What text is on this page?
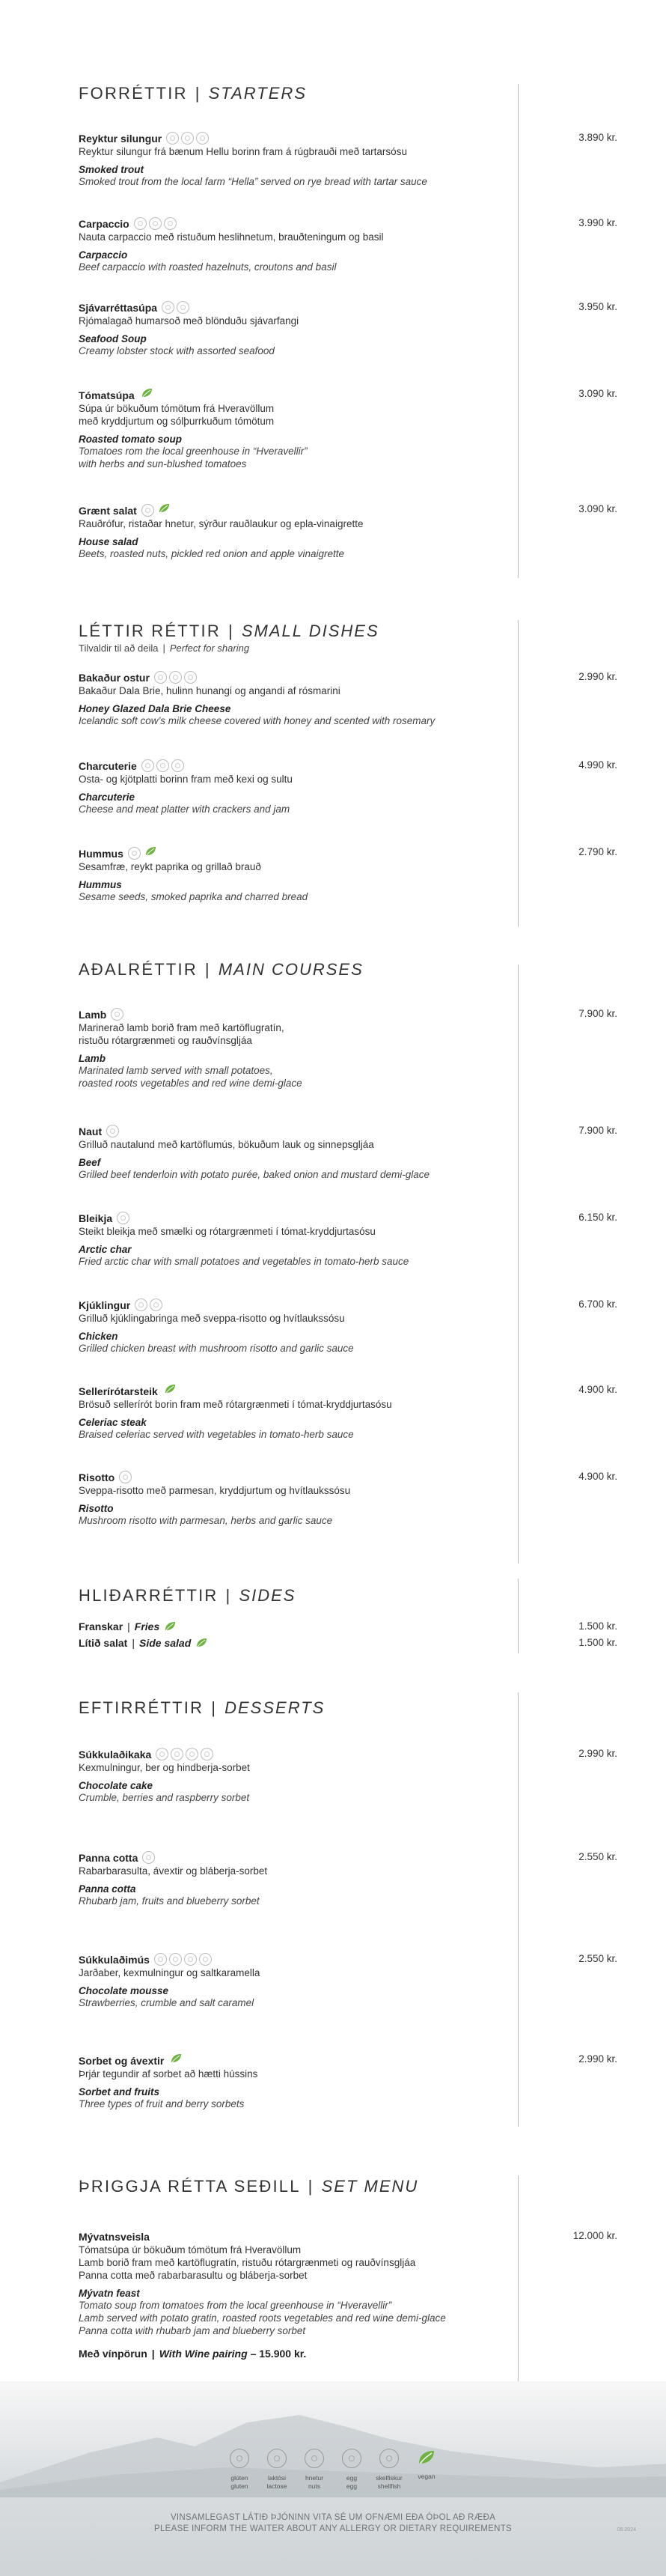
FORRÉTTIR | STARTERS
LÉTTIR RÉTTIR | SMALL DISHES
Tilvaldir til að deila | Perfect for sharing
AÐALRÉTTIR | MAIN COURSES
HLIÐARRÉTTIR | SIDES
EFTIRRÉTTIR | DESSERTS
ÞRIGGJA RÉTTA SEÐILL | SET MENU
Reyktur silungur
Reyktur silungur frá bænum Hellu borinn fram á rúgbrauði með tartarsósu
Smoked trout
Smoked trout from the local farm “Hella” served on rye bread with tartar sauce
3.890 kr.
Carpaccio
Nauta carpaccio með ristuðum heslihnetum, brauðteningum og basil
Carpaccio
Beef carpaccio with roasted hazelnuts, croutons and basil
3.990 kr.
Sjávarréttasúpa
Rjómalagað humarsoð með blönduðu sjávarfangi
Seafood Soup
Creamy lobster stock with assorted seafood
3.950 kr.
Tómatsúpa
Súpa úr bökuðum tómötum frá Hveravöllum
með kryddjurtum og sólþurrkuðum tómötum
Roasted tomato soup
Tomatoes rom the local greenhouse in “Hveravellir”
with herbs and sun-blushed tomatoes
3.090 kr.
Grænt salat
Rauðrófur, ristaðar hnetur, sýrður rauðlaukur og epla-vinaigrette
House salad
Beets, roasted nuts, pickled red onion and apple vinaigrette
3.090 kr.
Bakaður ostur
Bakaður Dala Brie, hulinn hunangi og angandi af rósmarini
Honey Glazed Dala Brie Cheese
Icelandic soft cow’s milk cheese covered with honey and scented with rosemary
2.990 kr.
Charcuterie
Osta- og kjötplatti borinn fram með kexi og sultu
Charcuterie
Cheese and meat platter with crackers and jam
4.990 kr.
Hummus
Sesamfræ, reykt paprika og grillað brauð
Hummus
Sesame seeds, smoked paprika and charred bread
2.790 kr.
Lamb
Marinerað lamb borið fram með kartöflugratín,
ristuðu rótargrænmeti og rauðvínsgljáa
Lamb
Marinated lamb served with small potatoes,
roasted roots vegetables and red wine demi-glace
7.900 kr.
Naut
Grilluð nautalund með kartöflumús, bökuðum lauk og sinnepsgljáa
Beef
Grilled beef tenderloin with potato purée, baked onion and mustard demi-glace
7.900 kr.
Bleikja
Steikt bleikja með smælki og rótargrænmeti í tómat-kryddjurtasósu
Arctic char
Fried arctic char with small potatoes and vegetables in tomato-herb sauce
6.150 kr.
Kjúklingur
Grilluð kjúklingabringa með sveppa-risotto og hvítlaukssósu
Chicken
Grilled chicken breast with mushroom risotto and garlic sauce
6.700 kr.
Sellerírótarsteik
Brösuð sellerírót borin fram með rótargrænmeti í tómat-kryddjurtasósu
Celeriac steak
Braised celeriac served with vegetables in tomato-herb sauce
4.900 kr.
Risotto
Sveppa-risotto með parmesan, kryddjurtum og hvítlaukssósu
Risotto
Mushroom risotto with parmesan, herbs and garlic sauce
4.900 kr.
Súkkulaðikaka
Kexmulningur, ber og hindberja-sorbet
Chocolate cake
Crumble, berries and raspberry sorbet
2.990 kr.
Panna cotta
Rabarbarasulta, ávextir og bláberja-sorbet
Panna cotta
Rhubarb jam, fruits and blueberry sorbet
2.550 kr.
Súkkulaðimús
Jarðaber, kexmulningur og saltkaramella
Chocolate mousse
Strawberries, crumble and salt caramel
2.550 kr.
Sorbet og ávextir
Þrjár tegundir af sorbet að hætti hússins
Sorbet and fruits
Three types of fruit and berry sorbets
2.990 kr.
Franskar | Fries	1.500 kr.
Lítið salat | Side salad	1.500 kr.
Mývatnsveisla
Tómatsúpa úr bökuðum tómötum frá Hveravöllum
Lamb borið fram með kartöflugratín, ristuðu rótargrænmeti og rauðvínsgljáa
Panna cotta með rabarbarasultu og bláberja-sorbet
Mývatn feast
Tomato soup from tomatoes from the local greenhouse in “Hveravellir”
Lamb served with potato gratin, roasted roots vegetables and red wine demi-glace
Panna cotta with rhubarb jam and blueberry sorbet
Með vínpörun | With Wine pairing – 15.900 kr.
12.000 kr.
glúten
gluten
laktósi
lactose
hnetur
nuts
egg
egg
skelfiskur
shellfish
vegan
VINSAMLEGAST LÁTIÐ ÞJÓNINN VITA SÉ UM OFNÆMI EÐA ÓÞOL AÐ RÆÐA
PLEASE INFORM THE WAITER ABOUT ANY ALLERGY OR DIETARY REQUIREMENTS	05.2024
